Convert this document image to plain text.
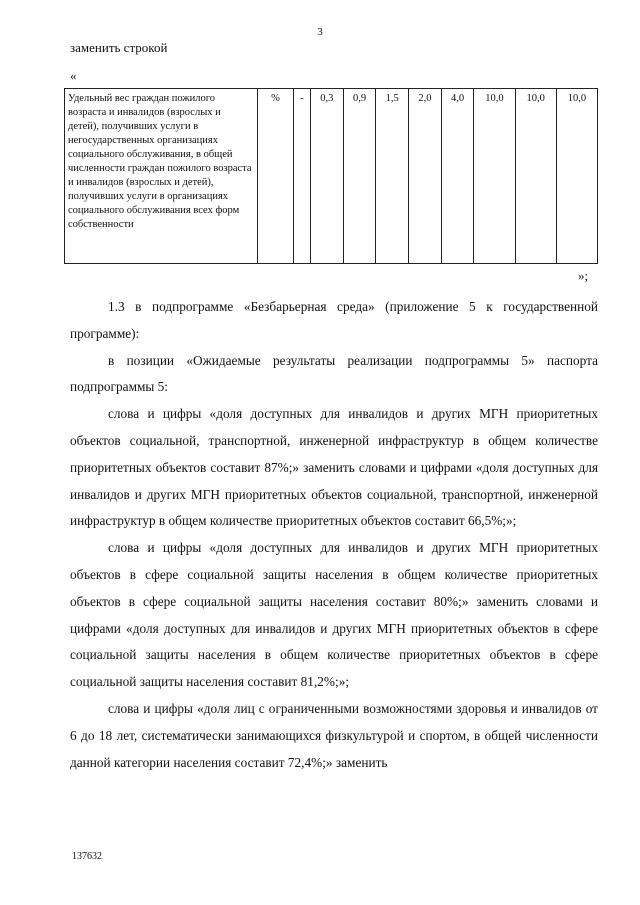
3
заменить строкой
«
Удельный вес граждан пожилого возраста и инвалидов (взрослых и детей), получивших услуги в негосударственных организациях социального обслуживания, в общей численности граждан пожилого возраста и инвалидов (взрослых и детей), получивших услуги в организациях социального обслуживания всех форм собственности	%	-	0,3	0,9	1,5	2,0	4,0	10,0	10,0	10,0
»;

1.3 в подпрограмме «Безбарьерная среда» (приложение 5 к государственной программе):

в позиции «Ожидаемые результаты реализации подпрограммы 5» паспорта подпрограммы 5:

слова и цифры «доля доступных для инвалидов и других МГН приоритетных объектов социальной, транспортной, инженерной инфраструктур в общем количестве приоритетных объектов составит 87%;» заменить словами и цифрами «доля доступных для инвалидов и других МГН приоритетных объектов социальной, транспортной, инженерной инфраструктур в общем количестве приоритетных объектов составит 66,5%;»;

слова и цифры «доля доступных для инвалидов и других МГН приоритетных объектов в сфере социальной защиты населения в общем количестве приоритетных объектов в сфере социальной защиты населения составит 80%;» заменить словами и цифрами «доля доступных для инвалидов и других МГН приоритетных объектов в сфере социальной защиты населения в общем количестве приоритетных объектов в сфере социальной защиты населения составит 81,2%;»;

слова и цифры «доля лиц с ограниченными возможностями здоровья и инвалидов от 6 до 18 лет, систематически занимающихся физкультурой и спортом, в общей численности данной категории населения составит 72,4%;» заменить

137632
